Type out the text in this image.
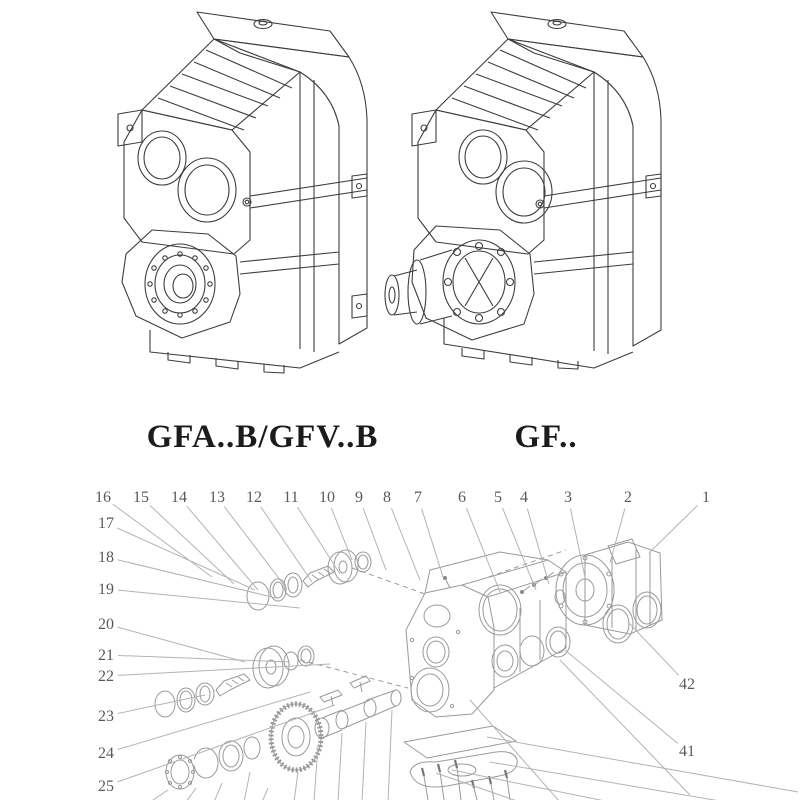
1
2
3
4
5
6
7
8
9
10
11
12
13
14
15
16
17
18
19
20
21
22
23
24
25
42
41
GFA..B/GFV..B	GF..
